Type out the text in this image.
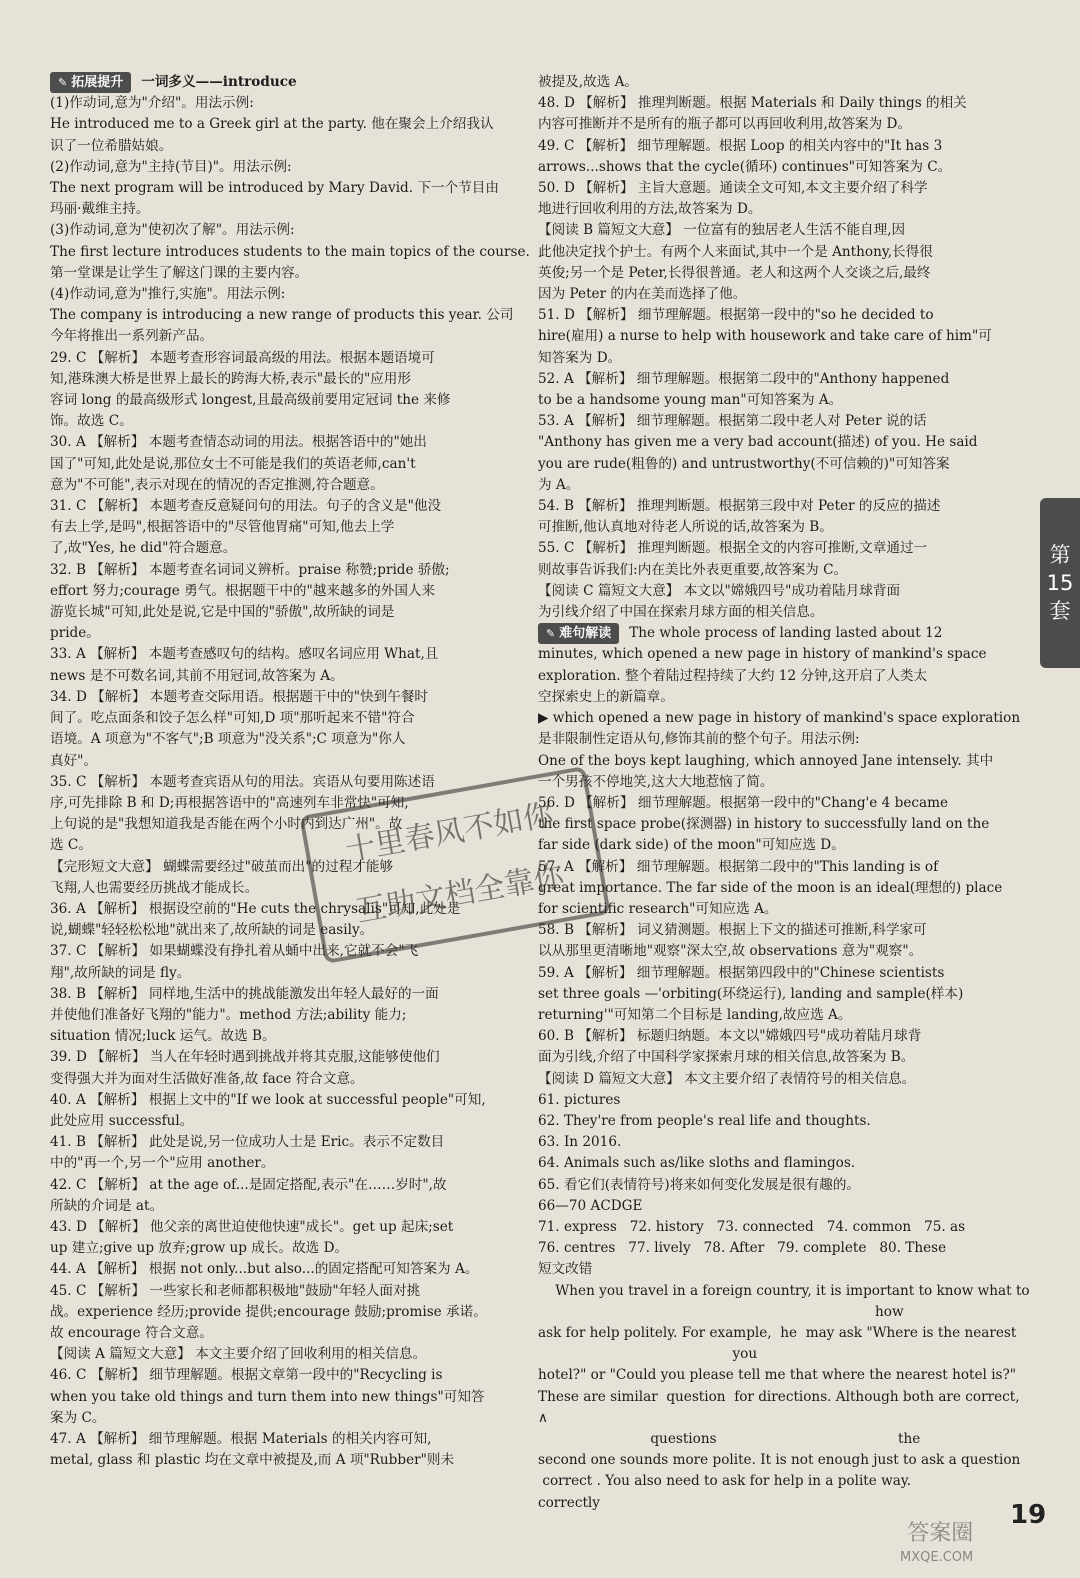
✎ 拓展提升 一词多义——introduce

(1)作动词,意为"介绍"。用法示例:

He introduced me to a Greek girl at the party. 他在聚会上介绍我认

识了一位希腊姑娘。

(2)作动词,意为"主持(节目)"。用法示例:

The next program will be introduced by Mary David. 下一个节目由

玛丽·戴维主持。

(3)作动词,意为"使初次了解"。用法示例:

The first lecture introduces students to the main topics of the course.

第一堂课是让学生了解这门课的主要内容。

(4)作动词,意为"推行,实施"。用法示例:

The company is introducing a new range of products this year. 公司

今年将推出一系列新产品。

29. C 【解析】 本题考查形容词最高级的用法。根据本题语境可

知,港珠澳大桥是世界上最长的跨海大桥,表示"最长的"应用形

容词 long 的最高级形式 longest,且最高级前要用定冠词 the 来修

饰。故选 C。

30. A 【解析】 本题考查情态动词的用法。根据答语中的"她出

国了"可知,此处是说,那位女士不可能是我们的英语老师,can't

意为"不可能",表示对现在的情况的否定推测,符合题意。

31. C 【解析】 本题考查反意疑问句的用法。句子的含义是"他没

有去上学,是吗",根据答语中的"尽管他胃痛"可知,他去上学

了,故"Yes, he did"符合题意。

32. B 【解析】 本题考查名词词义辨析。praise 称赞;pride 骄傲;

effort 努力;courage 勇气。根据题干中的"越来越多的外国人来

游览长城"可知,此处是说,它是中国的"骄傲",故所缺的词是

pride。

33. A 【解析】 本题考查感叹句的结构。感叹名词应用 What,且

news 是不可数名词,其前不用冠词,故答案为 A。

34. D 【解析】 本题考查交际用语。根据题干中的"快到午餐时

间了。吃点面条和饺子怎么样"可知,D 项"那听起来不错"符合

语境。A 项意为"不客气";B 项意为"没关系";C 项意为"你人

真好"。

35. C 【解析】 本题考查宾语从句的用法。宾语从句要用陈述语

序,可先排除 B 和 D;再根据答语中的"高速列车非常快"可知,

上句说的是"我想知道我是否能在两个小时内到达广州"。故

选 C。

【完形短文大意】 蝴蝶需要经过"破茧而出"的过程才能够

飞翔,人也需要经历挑战才能成长。

36. A 【解析】 根据设空前的"He cuts the chrysalis"可知,此处是

说,蝴蝶"轻轻松松地"就出来了,故所缺的词是 easily。

37. C 【解析】 如果蝴蝶没有挣扎着从蛹中出来,它就不会"飞

翔",故所缺的词是 fly。

38. B 【解析】 同样地,生活中的挑战能激发出年轻人最好的一面

并使他们准备好飞翔的"能力"。method 方法;ability 能力;

situation 情况;luck 运气。故选 B。

39. D 【解析】 当人在年轻时遇到挑战并将其克服,这能够使他们

变得强大并为面对生活做好准备,故 face 符合文意。

40. A 【解析】 根据上文中的"If we look at successful people"可知,

此处应用 successful。

41. B 【解析】 此处是说,另一位成功人士是 Eric。表示不定数目

中的"再一个,另一个"应用 another。

42. C 【解析】 at the age of...是固定搭配,表示"在……岁时",故

所缺的介词是 at。

43. D 【解析】 他父亲的离世迫使他快速"成长"。get up 起床;set

up 建立;give up 放弃;grow up 成长。故选 D。

44. A 【解析】 根据 not only...but also...的固定搭配可知答案为 A。

45. C 【解析】 一些家长和老师都积极地"鼓励"年轻人面对挑

战。experience 经历;provide 提供;encourage 鼓励;promise 承诺。

故 encourage 符合文意。

【阅读 A 篇短文大意】 本文主要介绍了回收利用的相关信息。

46. C 【解析】 细节理解题。根据文章第一段中的"Recycling is

when you take old things and turn them into new things"可知答

案为 C。

47. A 【解析】 细节理解题。根据 Materials 的相关内容可知,

metal, glass 和 plastic 均在文章中被提及,而 A 项"Rubber"则未

被提及,故选 A。

48. D 【解析】 推理判断题。根据 Materials 和 Daily things 的相关

内容可推断并不是所有的瓶子都可以再回收利用,故答案为 D。

49. C 【解析】 细节理解题。根据 Loop 的相关内容中的"It has 3

arrows...shows that the cycle(循环) continues"可知答案为 C。

50. D 【解析】 主旨大意题。通读全文可知,本文主要介绍了科学

地进行回收利用的方法,故答案为 D。

【阅读 B 篇短文大意】 一位富有的独居老人生活不能自理,因

此他决定找个护士。有两个人来面试,其中一个是 Anthony,长得很

英俊;另一个是 Peter,长得很普通。老人和这两个人交谈之后,最终

因为 Peter 的内在美而选择了他。

51. D 【解析】 细节理解题。根据第一段中的"so he decided to

hire(雇用) a nurse to help with housework and take care of him"可

知答案为 D。

52. A 【解析】 细节理解题。根据第二段中的"Anthony happened

to be a handsome young man"可知答案为 A。

53. A 【解析】 细节理解题。根据第二段中老人对 Peter 说的话

"Anthony has given me a very bad account(描述) of you. He said

you are rude(粗鲁的) and untrustworthy(不可信赖的)"可知答案

为 A。

54. B 【解析】 推理判断题。根据第三段中对 Peter 的反应的描述

可推断,他认真地对待老人所说的话,故答案为 B。

55. C 【解析】 推理判断题。根据全文的内容可推断,文章通过一

则故事告诉我们:内在美比外表更重要,故答案为 C。

【阅读 C 篇短文大意】 本文以"嫦娥四号"成功着陆月球背面

为引线介绍了中国在探索月球方面的相关信息。

✎ 难句解读 The whole process of landing lasted about 12

minutes, which opened a new page in history of mankind's space

exploration. 整个着陆过程持续了大约 12 分钟,这开启了人类太

空探索史上的新篇章。

▶ which opened a new page in history of mankind's space exploration

是非限制性定语从句,修饰其前的整个句子。用法示例:

One of the boys kept laughing, which annoyed Jane intensely. 其中

一个男孩不停地笑,这大大地惹恼了简。

56. D 【解析】 细节理解题。根据第一段中的"Chang'e 4 became

the first space probe(探测器) in history to successfully land on the

far side (dark side) of the moon"可知应选 D。

57. A 【解析】 细节理解题。根据第二段中的"This landing is of

great importance. The far side of the moon is an ideal(理想的) place

for scientific research"可知应选 A。

58. B 【解析】 词义猜测题。根据上下文的描述可推断,科学家可

以从那里更清晰地"观察"深太空,故 observations 意为"观察"。

59. A 【解析】 细节理解题。根据第四段中的"Chinese scientists

set three goals —'orbiting(环绕运行), landing and sample(样本)

returning'"可知第二个目标是 landing,故应选 A。

60. B 【解析】 标题归纳题。本文以"嫦娥四号"成功着陆月球背

面为引线,介绍了中国科学家探索月球的相关信息,故答案为 B。

【阅读 D 篇短文大意】 本文主要介绍了表情符号的相关信息。

61. pictures

62. They're from people's real life and thoughts.

63. In 2016.

64. Animals such as/like sloths and flamingos.

65. 看它们(表情符号)将来如何变化发展是很有趣的。

66—70 ACDGE

71. express   72. history   73. connected   74. common   75. as

76. centres   77. lively   78. After   79. complete   80. These

短文改错

When you travel in a foreign country, it is important to know what to

how

ask for help politely. For example,  he  may ask "Where is the nearest

you

hotel?" or "Could you please tell me that where the nearest hotel is?"

These are similar  question  for directions. Although both are correct,  ∧

questions                                          the

second one sounds more polite. It is not enough just to ask a question

correct . You also need to ask for help in a polite way.

correctly

十里春风不如你
互助文档全靠你
第
15
套
答案圈
MXQE.COM
19
